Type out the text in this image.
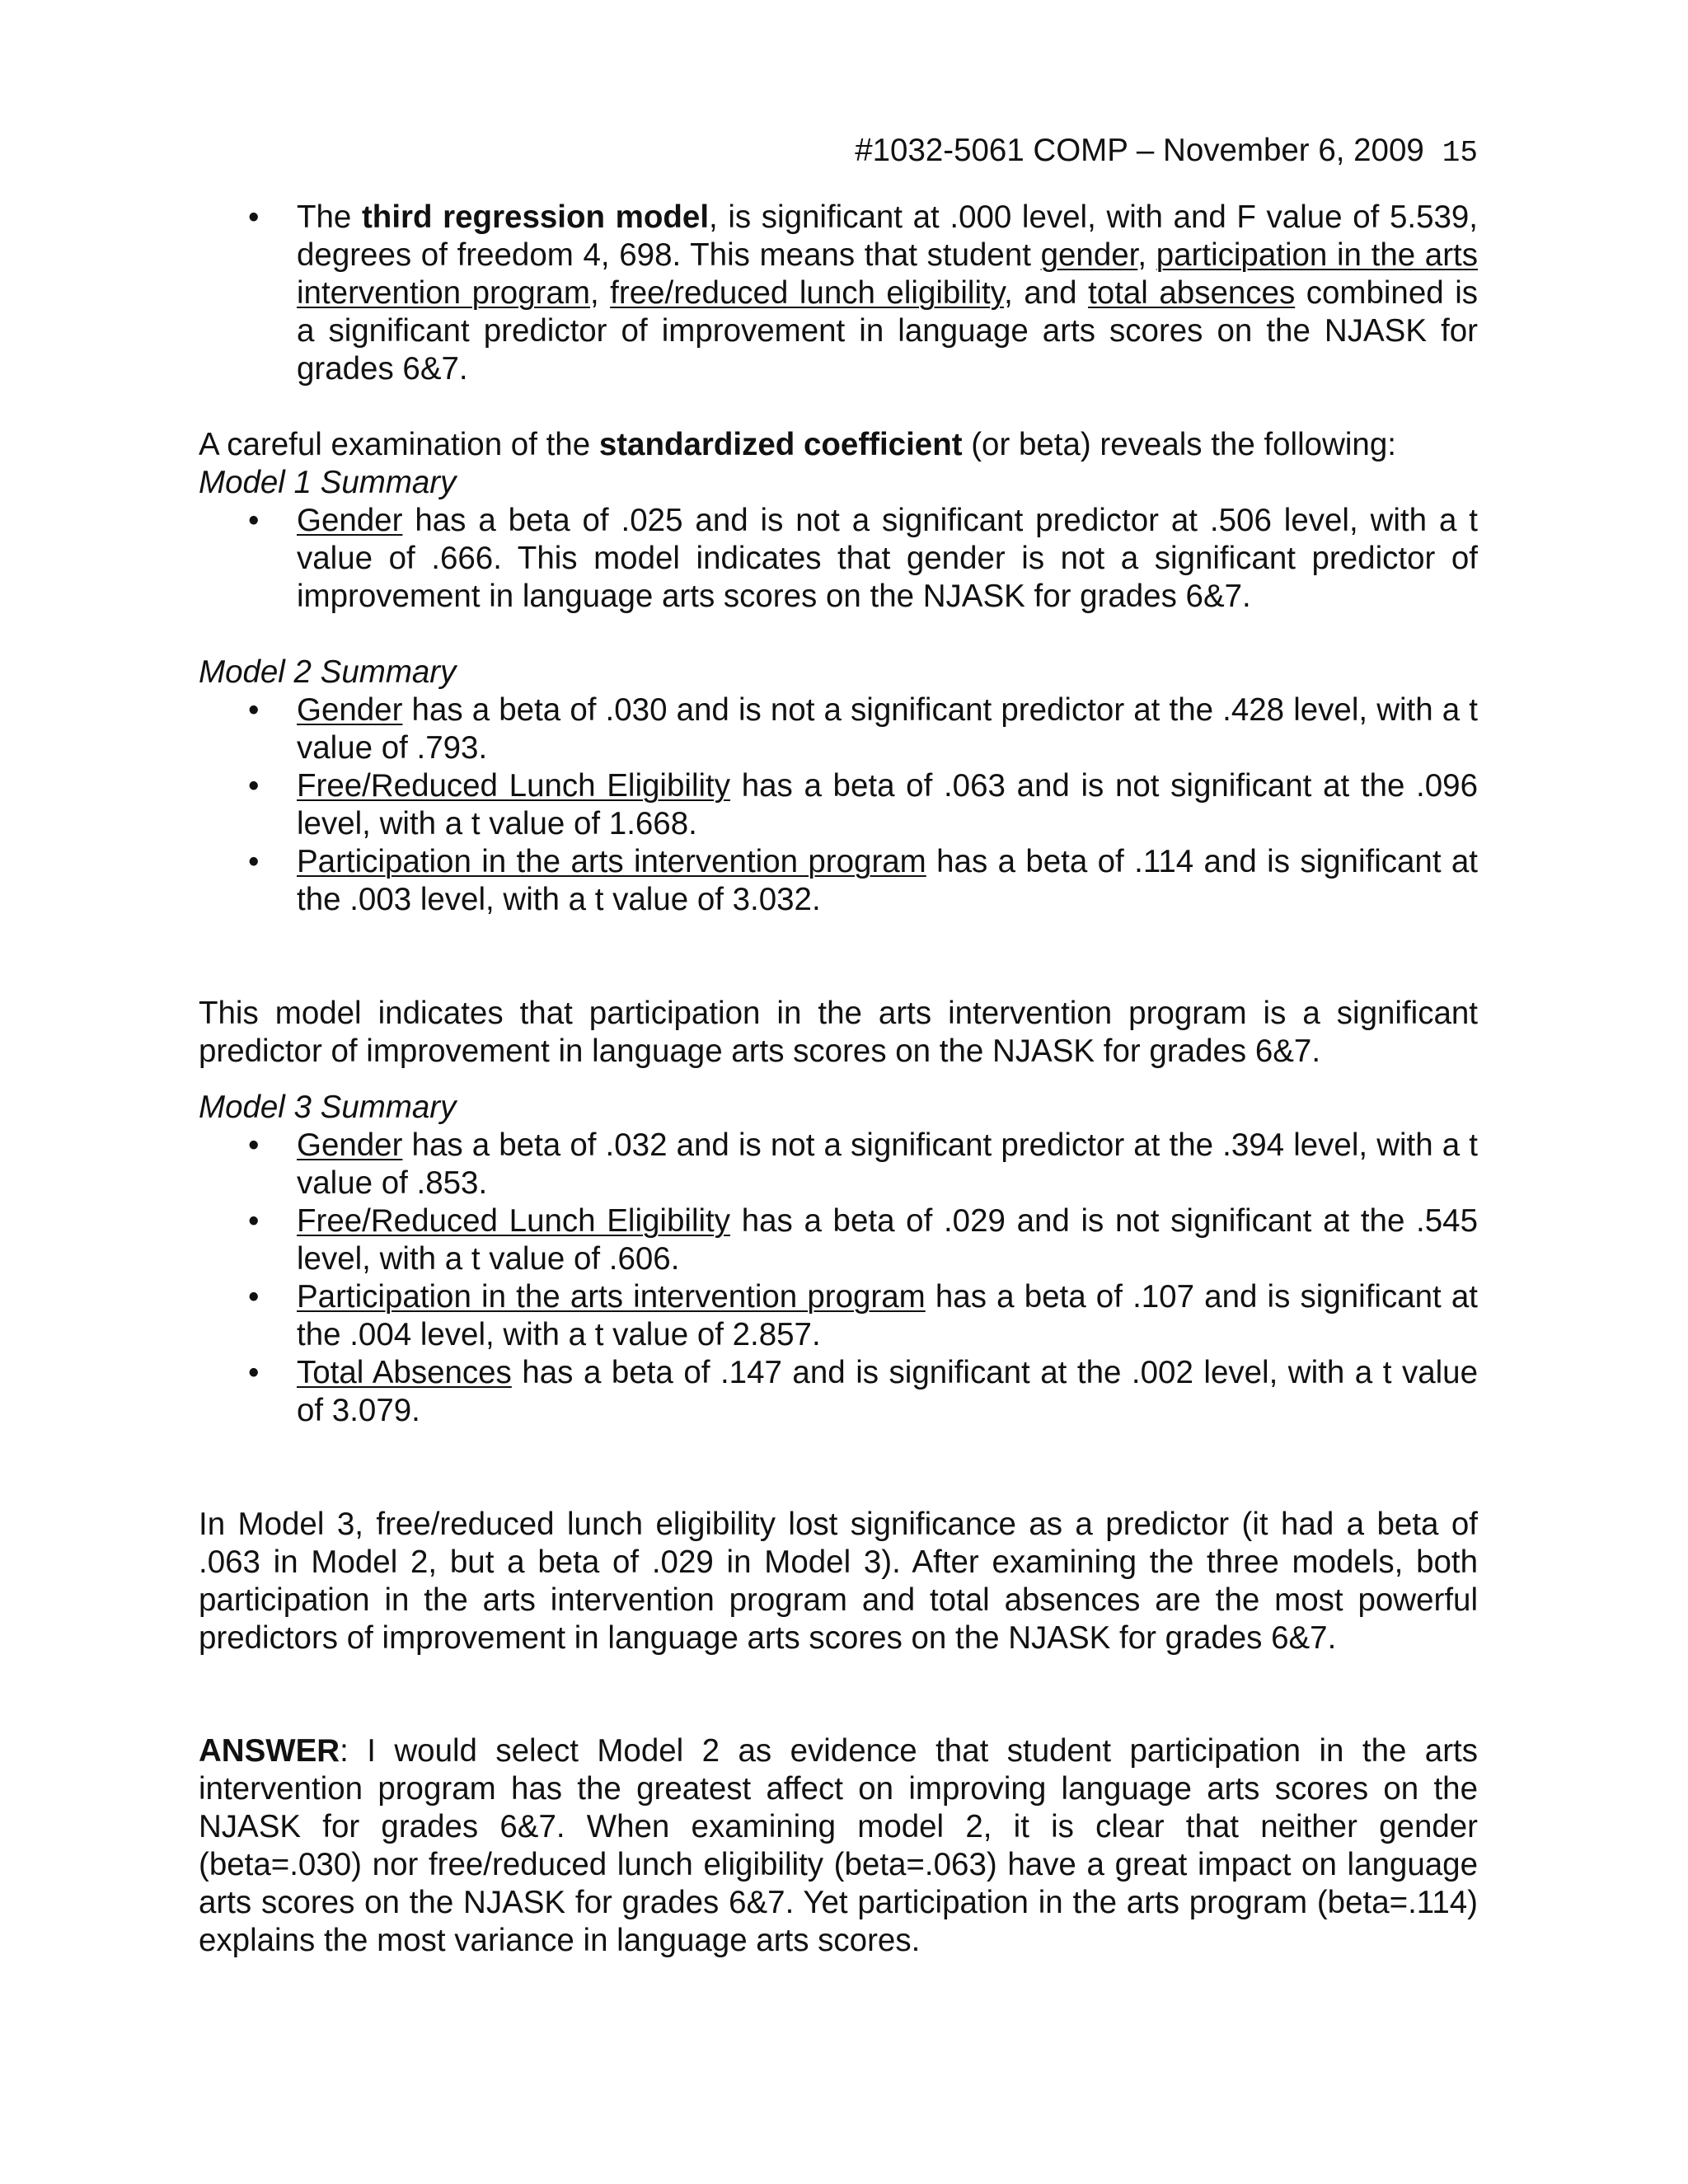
#1032-5061 COMP – November 6, 2009 15
• The third regression model, is significant at .000 level, with and F value of 5.539, degrees of freedom 4, 698. This means that student gender, participation in the arts intervention program, free/reduced lunch eligibility, and total absences combined is a significant predictor of improvement in language arts scores on the NJASK for grades 6&7.

A careful examination of the standardized coefficient (or beta) reveals the following:

Model 1 Summary

• Gender has a beta of .025 and is not a significant predictor at .506 level, with a t value of .666. This model indicates that gender is not a significant predictor of improvement in language arts scores on the NJASK for grades 6&7.

Model 2 Summary

• Gender has a beta of .030 and is not a significant predictor at the .428 level, with a t value of .793.
• Free/Reduced Lunch Eligibility has a beta of .063 and is not significant at the .096 level, with a t value of 1.668.
• Participation in the arts intervention program has a beta of .114 and is significant at the .003 level, with a t value of 3.032.

This model indicates that participation in the arts intervention program is a significant predictor of improvement in language arts scores on the NJASK for grades 6&7.

Model 3 Summary

• Gender has a beta of .032 and is not a significant predictor at the .394 level, with a t value of .853.
• Free/Reduced Lunch Eligibility has a beta of .029 and is not significant at the .545 level, with a t value of .606.
• Participation in the arts intervention program has a beta of .107 and is significant at the .004 level, with a t value of 2.857.
• Total Absences has a beta of .147 and is significant at the .002 level, with a t value of 3.079.

In Model 3, free/reduced lunch eligibility lost significance as a predictor (it had a beta of .063 in Model 2, but a beta of .029 in Model 3). After examining the three models, both participation in the arts intervention program and total absences are the most powerful predictors of improvement in language arts scores on the NJASK for grades 6&7.

ANSWER: I would select Model 2 as evidence that student participation in the arts intervention program has the greatest affect on improving language arts scores on the NJASK for grades 6&7. When examining model 2, it is clear that neither gender (beta=.030) nor free/reduced lunch eligibility (beta=.063) have a great impact on language arts scores on the NJASK for grades 6&7. Yet participation in the arts program (beta=.114) explains the most variance in language arts scores.
